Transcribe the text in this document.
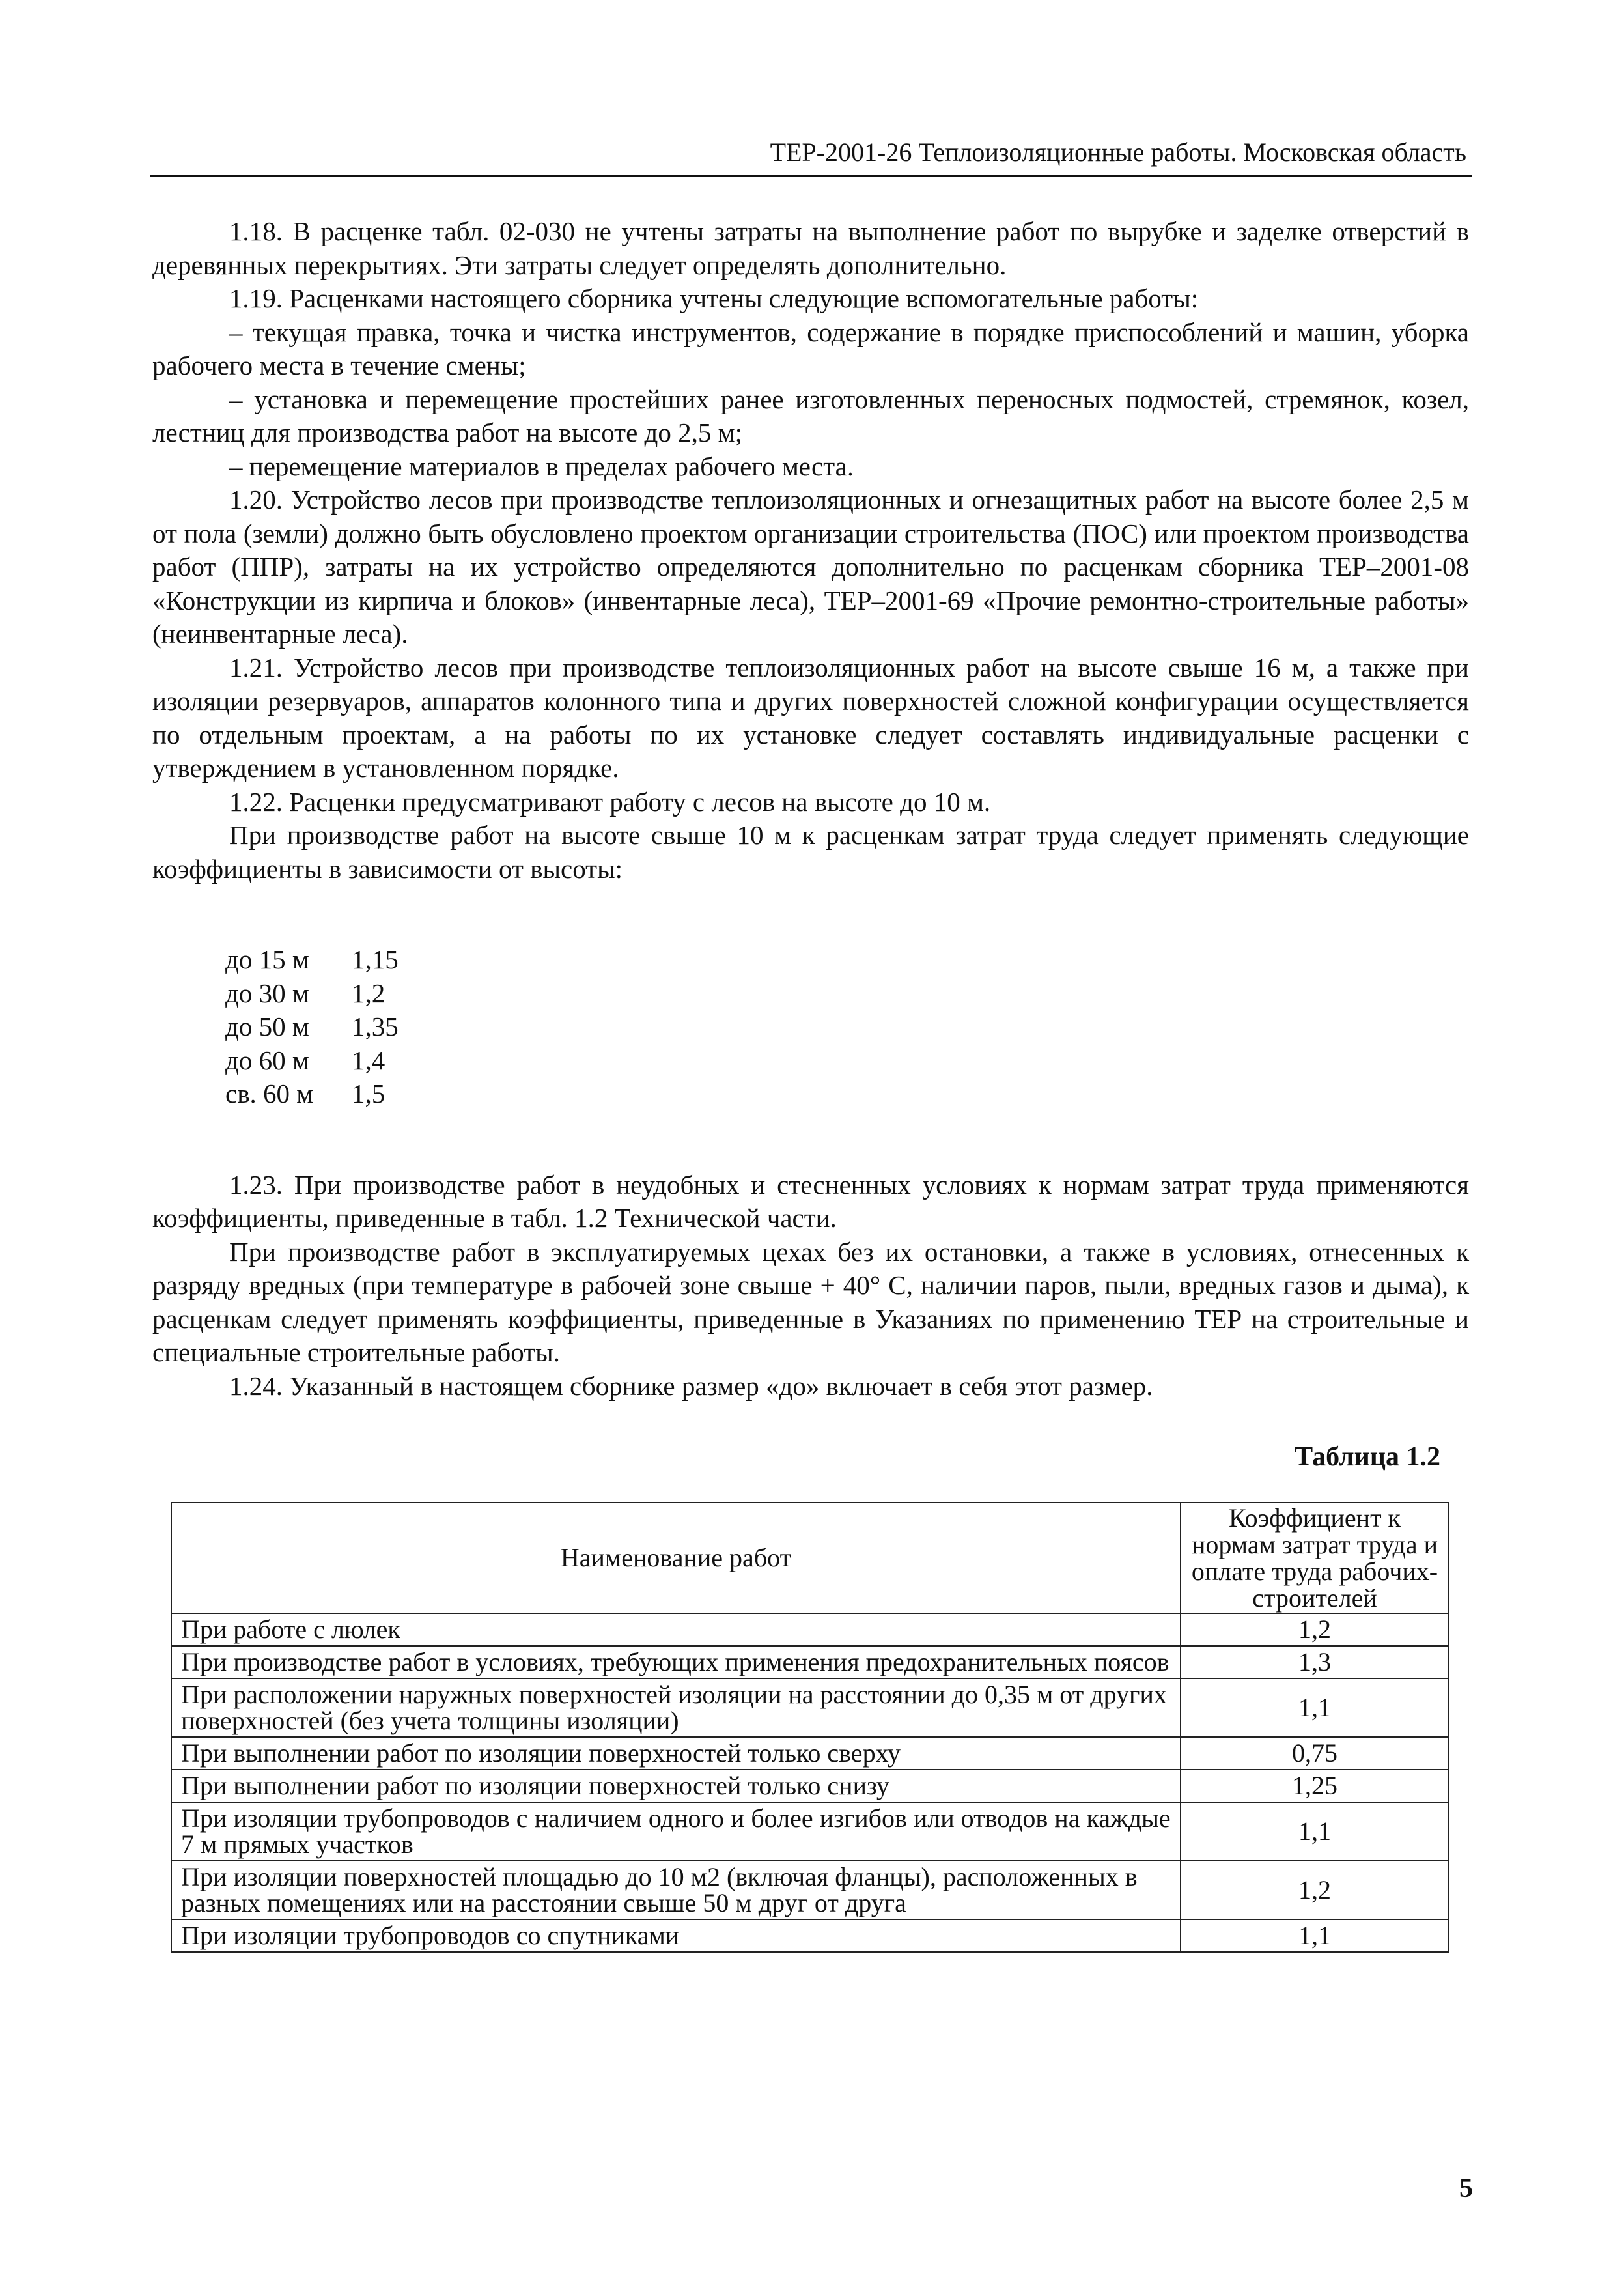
ТЕР-2001-26 Теплоизоляционные работы. Московская область

1.18. В расценке табл. 02-030 не учтены затраты на выполнение работ по вырубке и заделке отверстий в деревянных перекрытиях. Эти затраты следует определять дополнительно.

1.19. Расценками настоящего сборника учтены следующие вспомогательные работы:

– текущая правка, точка и чистка инструментов, содержание в порядке приспособлений и машин, уборка рабочего места в течение смены;

– установка и перемещение простейших ранее изготовленных переносных подмостей, стремянок, козел, лестниц для производства работ на высоте до 2,5 м;

– перемещение материалов в пределах рабочего места.

1.20. Устройство лесов при производстве теплоизоляционных и огнезащитных работ на высоте более 2,5 м от пола (земли) должно быть обусловлено проектом организации строительства (ПОС) или проектом производства работ (ППР), затраты на их устройство определяются дополнительно по расценкам сборника ТЕР–2001-08 «Конструкции из кирпича и блоков» (инвентарные леса), ТЕР–2001-69 «Прочие ремонтно-строительные работы» (неинвентарные леса).

1.21. Устройство лесов при производстве теплоизоляционных работ на высоте свыше 16 м, а также при изоляции резервуаров, аппаратов колонного типа и других поверхностей сложной конфигурации осуществляется по отдельным проектам, а на работы по их установке следует составлять индивидуальные расценки с утверждением в установленном порядке.

1.22. Расценки предусматривают работу с лесов на высоте до 10 м.

При производстве работ на высоте свыше 10 м к расценкам затрат труда следует применять следующие коэффициенты в зависимости от высоты:

до 15 м	1,15
до 30 м	1,2
до 50 м	1,35
до 60 м	1,4
св. 60 м	1,5

1.23. При производстве работ в неудобных и стесненных условиях к нормам затрат труда применяются коэффициенты, приведенные в табл. 1.2 Технической части.

При производстве работ в эксплуатируемых цехах без их остановки, а также в условиях, отнесенных к разряду вредных (при температуре в рабочей зоне свыше + 40° С, наличии паров, пыли, вредных газов и дыма), к расценкам следует применять коэффициенты, приведенные в Указаниях по применению ТЕР на строительные и специальные строительные работы.

1.24. Указанный в настоящем сборнике размер «до» включает в себя этот размер.

Таблица 1.2
Наименование работ	Коэффициент к нормам затрат труда и оплате труда рабочих-строителей
При работе с люлек	1,2
При производстве работ в условиях, требующих применения предохранительных поясов	1,3
При расположении наружных поверхностей изоляции на расстоянии до 0,35 м от других поверхностей (без учета толщины изоляции)	1,1
При выполнении работ по изоляции поверхностей только сверху	0,75
При выполнении работ по изоляции поверхностей только снизу	1,25
При изоляции трубопроводов с наличием одного и более изгибов или отводов на каждые 7 м прямых участков	1,1
При изоляции поверхностей площадью до 10 м2 (включая фланцы), расположенных в разных помещениях или на расстоянии свыше 50 м друг от друга	1,2
При изоляции трубопроводов со спутниками	1,1
5
